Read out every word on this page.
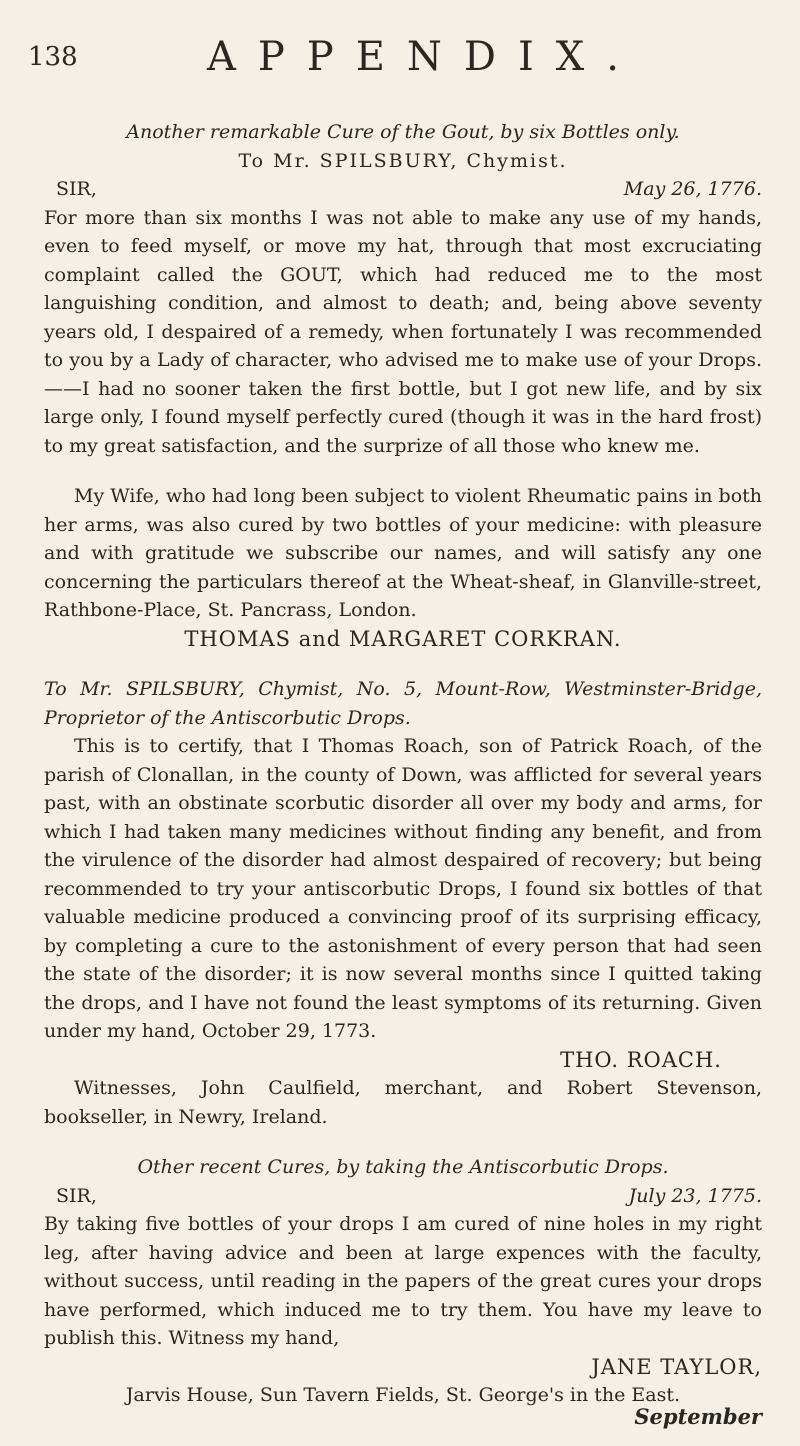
138	APPENDIX.

Another remarkable Cure of the Gout, by six Bottles only.

To Mr. SPILSBURY, Chymist.

SIR,	May 26, 1776.

For more than six months I was not able to make any use of my hands, even to feed myself, or move my hat, through that most excruciating complaint called the GOUT, which had reduced me to the most languishing condition, and almost to death; and, being above seventy years old, I despaired of a remedy, when fortunately I was recommended to you by a Lady of character, who advised me to make use of your Drops.——I had no sooner taken the first bottle, but I got new life, and by six large only, I found myself perfectly cured (though it was in the hard frost) to my great satisfaction, and the surprize of all those who knew me.

My Wife, who had long been subject to violent Rheumatic pains in both her arms, was also cured by two bottles of your medicine: with pleasure and with gratitude we subscribe our names, and will satisfy any one concerning the particulars thereof at the Wheat-sheaf, in Glanville-street, Rathbone-Place, St. Pancrass, London.

THOMAS and MARGARET CORKRAN.

To Mr. SPILSBURY, Chymist, No. 5, Mount-Row, Westminster-Bridge, Proprietor of the Antiscorbutic Drops.

This is to certify, that I Thomas Roach, son of Patrick Roach, of the parish of Clonallan, in the county of Down, was afflicted for several years past, with an obstinate scorbutic disorder all over my body and arms, for which I had taken many medicines without finding any benefit, and from the virulence of the disorder had almost despaired of recovery; but being recommended to try your antiscorbutic Drops, I found six bottles of that valuable medicine produced a convincing proof of its surprising efficacy, by completing a cure to the astonishment of every person that had seen the state of the disorder; it is now several months since I quitted taking the drops, and I have not found the least symptoms of its returning. Given under my hand, October 29, 1773.

THO. ROACH.

Witnesses, John Caulfield, merchant, and Robert Stevenson, bookseller, in Newry, Ireland.

Other recent Cures, by taking the Antiscorbutic Drops.

SIR,	July 23, 1775.

By taking five bottles of your drops I am cured of nine holes in my right leg, after having advice and been at large expences with the faculty, without success, until reading in the papers of the great cures your drops have performed, which induced me to try them. You have my leave to publish this. Witness my hand,

JANE TAYLOR,

Jarvis House, Sun Tavern Fields, St. George's in the East.

September
